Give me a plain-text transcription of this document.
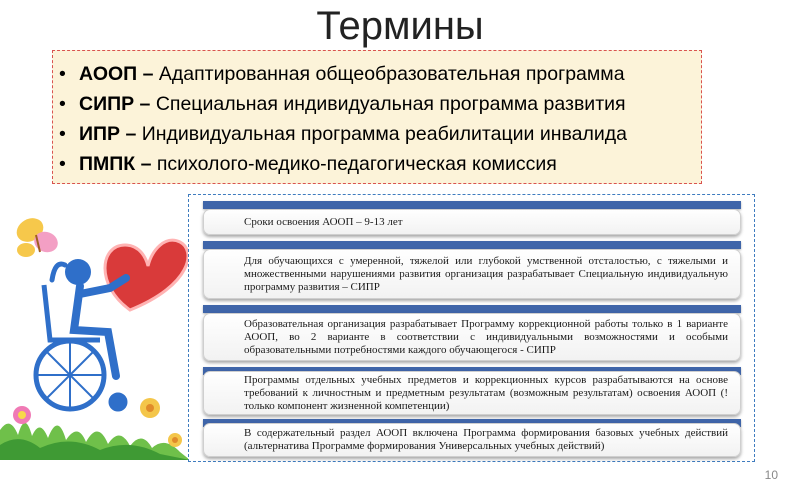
Термины
• АООП – Адаптированная общеобразовательная программа
• СИПР – Специальная индивидуальная программа развития
• ИПР – Индивидуальная программа реабилитации инвалида
• ПМПК – психолого-медико-педагогическая комиссия
Сроки освоения АООП – 9-13 лет
Для обучающихся с умеренной, тяжелой или глубокой умственной отсталостью, с тяжелыми и множественными нарушениями развития организация разрабатывает Специальную индивидуальную программу развития – СИПР
Образовательная организация разрабатывает Программу коррекционной работы только в 1 варианте АООП, во 2 варианте в соответствии с индивидуальными возможностями и особыми образовательными потребностями каждого обучающегося - СИПР
Программы отдельных учебных предметов и коррекционных курсов разрабатываются на основе требований к личностным и предметным результатам (возможным результатам) освоения АООП (!только компонент жизненной компетенции)
В содержательный раздел АООП включена Программа формирования базовых учебных действий (альтернатива Программе формирования Универсальных учебных действий)
10
